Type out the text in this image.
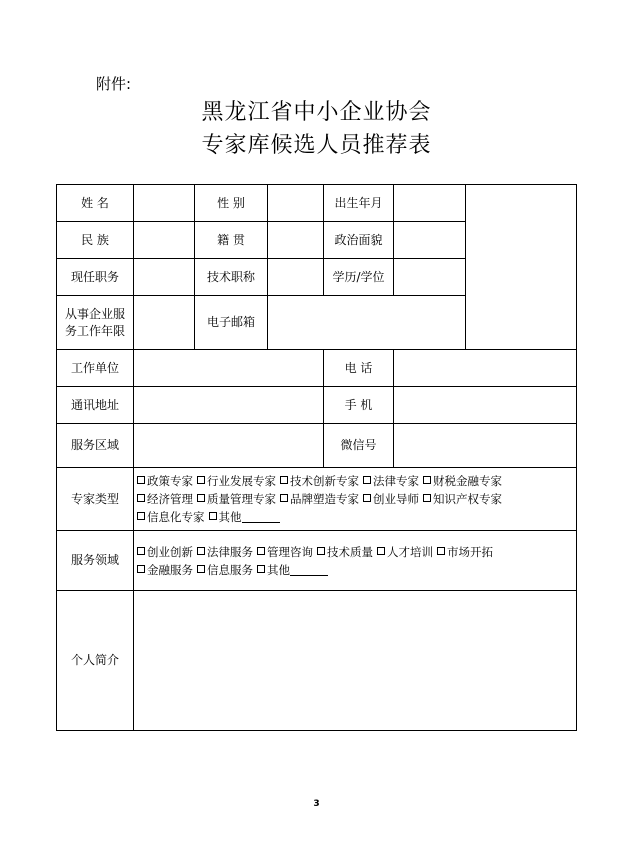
附件:
黑龙江省中小企业协会
专家库候选人员推荐表
姓 名		性 别		出生年月		
民 族		籍 贯		政治面貌		
现任职务		技术职称		学历/学位		
从事企业服务工作年限		电子邮箱				
工作单位				电 话		
通讯地址				手 机		
服务区域				微信号		
专家类型	政策专家 行业发展专家 技术创新专家 法律专家 财税金融专家
经济管理 质量管理专家 品牌塑造专家 创业导师 知识产权专家
信息化专家 其他					
服务领域	创业创新 法律服务 管理咨询 技术质量 人才培训 市场开拓
金融服务 信息服务 其他					
个人简介						
3
